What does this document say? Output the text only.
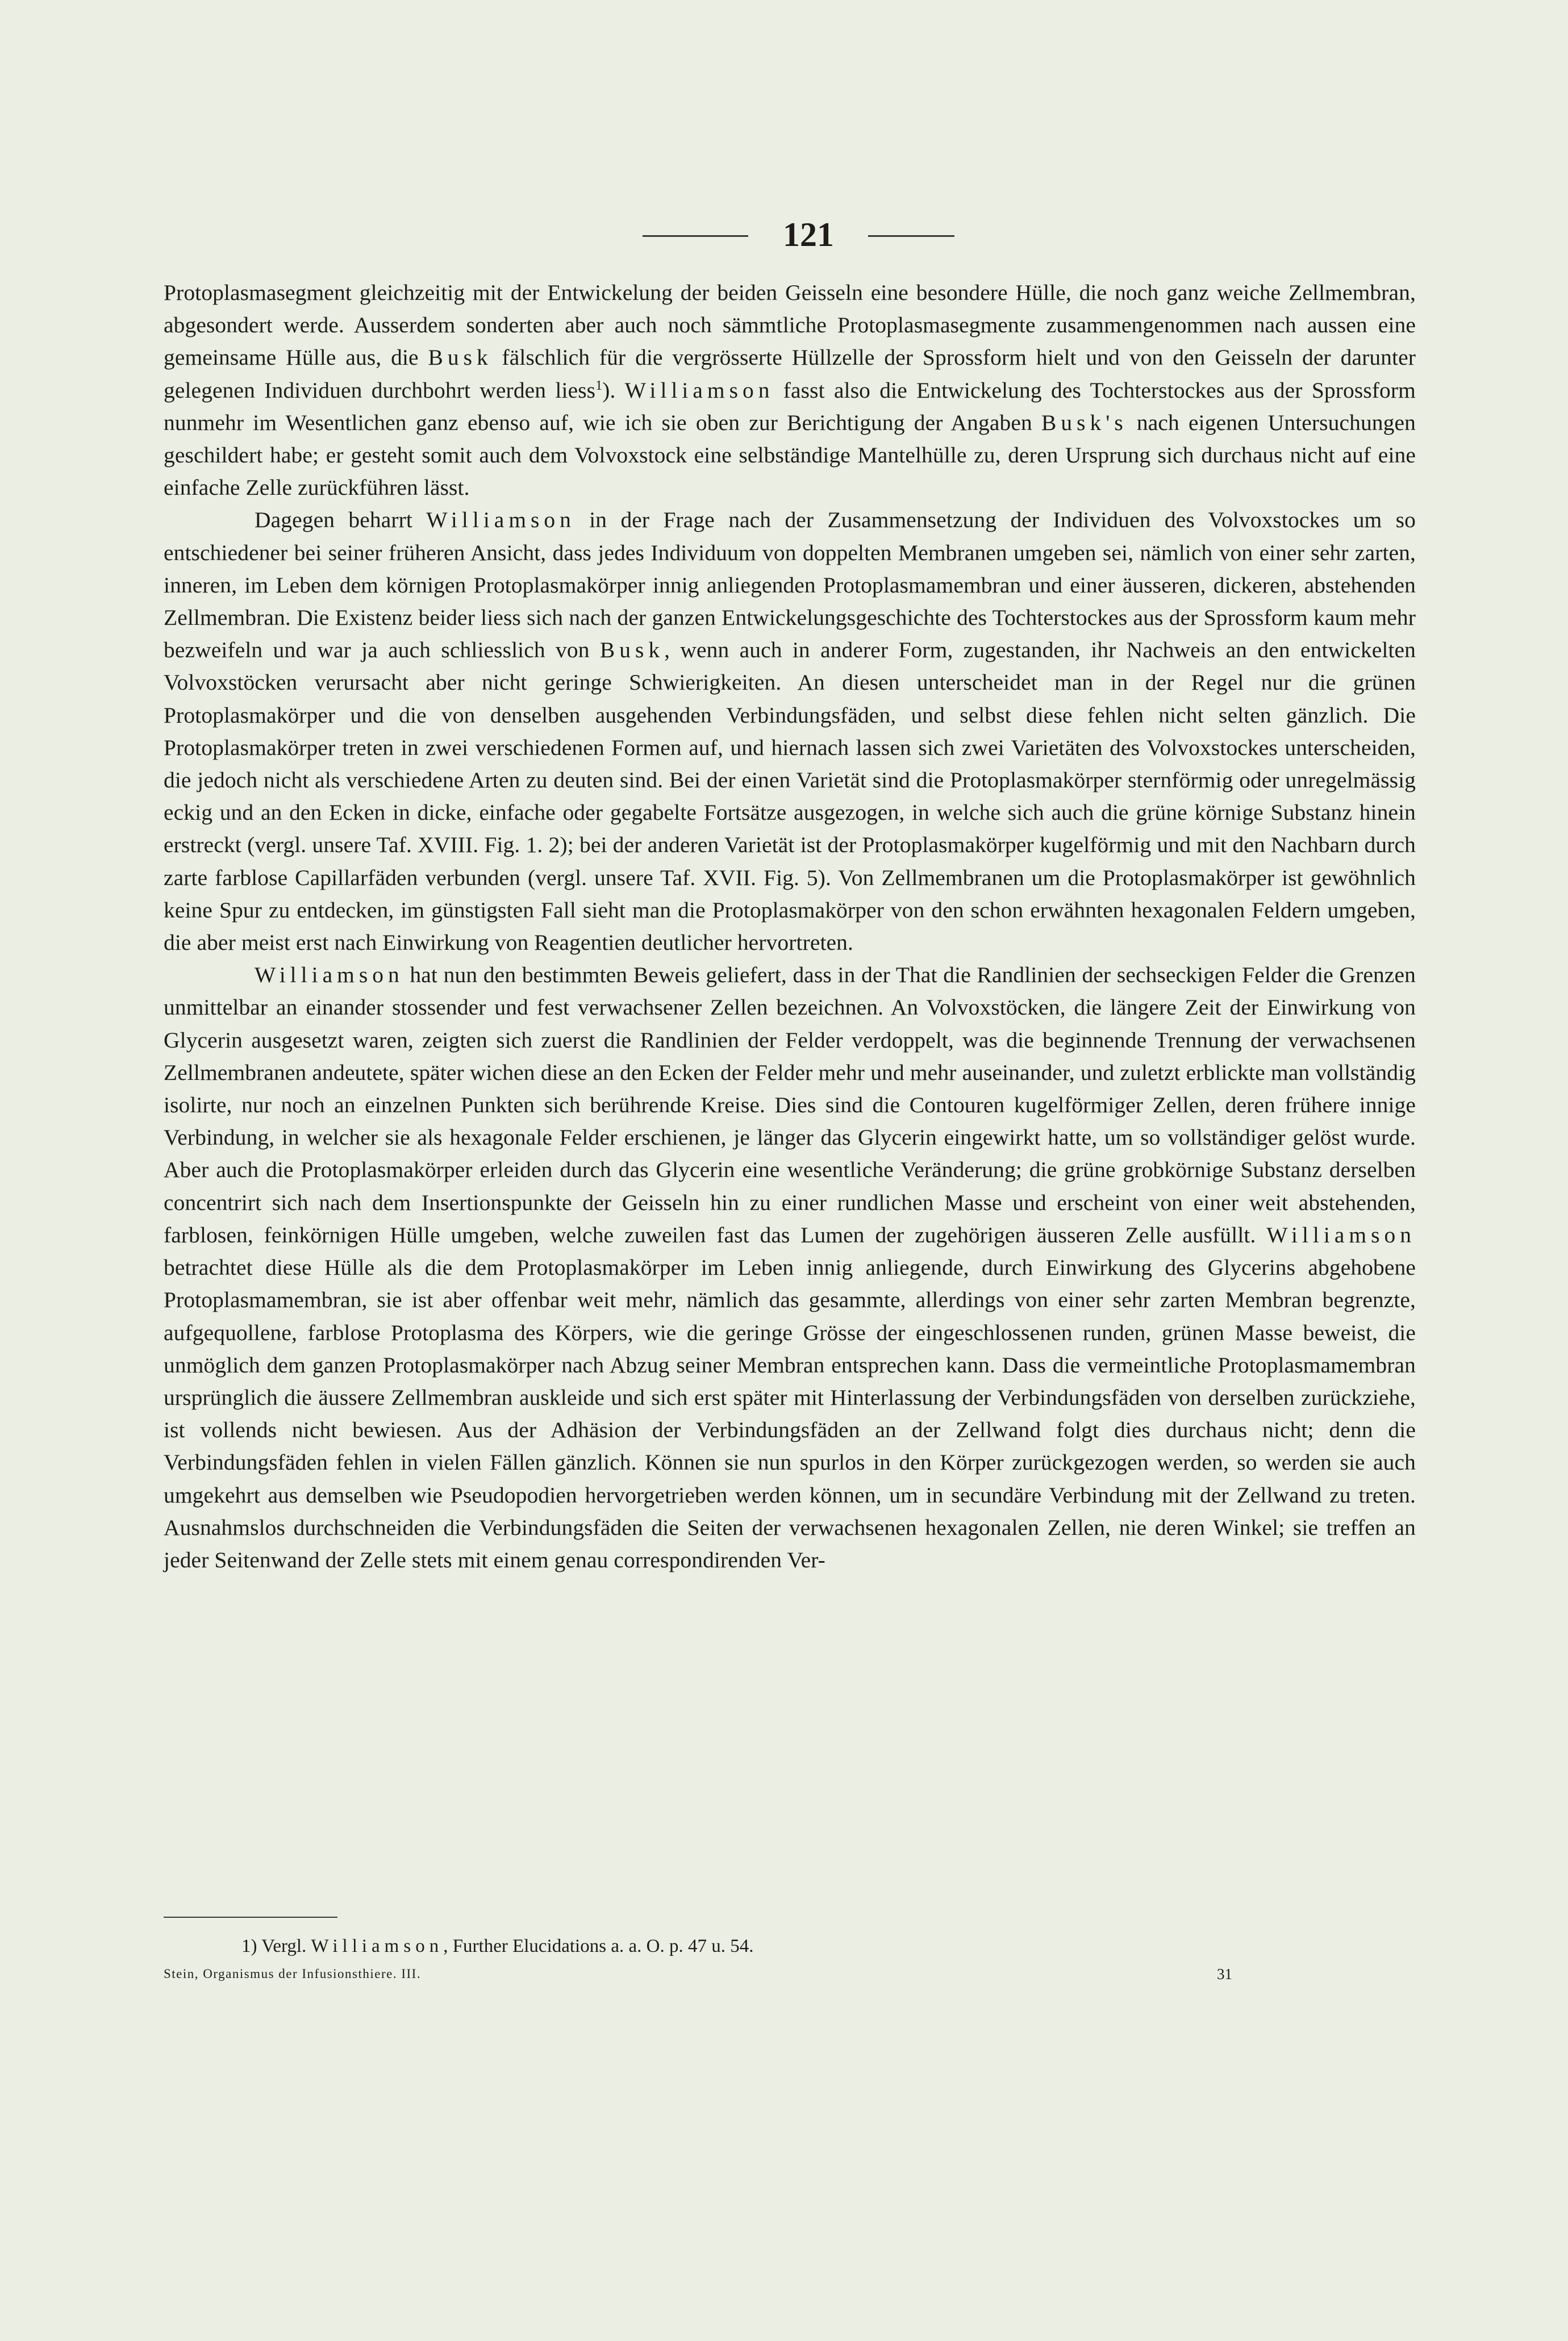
121

Protoplasmasegment gleichzeitig mit der Entwickelung der beiden Geisseln eine besondere Hülle, die noch ganz weiche Zellmembran, abgesondert werde. Ausserdem sonderten aber auch noch sämmtliche Protoplasmasegmente zusammengenommen nach aussen eine gemeinsame Hülle aus, die Busk fälschlich für die vergrösserte Hüllzelle der Sprossform hielt und von den Geisseln der darunter gelegenen Individuen durchbohrt werden liess$^1$). Williamson fasst also die Entwickelung des Tochterstockes aus der Sprossform nunmehr im Wesentlichen ganz ebenso auf, wie ich sie oben zur Berichtigung der Angaben Busk's nach eigenen Untersuchungen geschildert habe; er gesteht somit auch dem Volvoxstock eine selbständige Mantelhülle zu, deren Ursprung sich durchaus nicht auf eine einfache Zelle zurückführen lässt.

Dagegen beharrt Williamson in der Frage nach der Zusammensetzung der Individuen des Volvoxstockes um so entschiedener bei seiner früheren Ansicht, dass jedes Individuum von doppelten Membranen umgeben sei, nämlich von einer sehr zarten, inneren, im Leben dem körnigen Protoplasmakörper innig anliegenden Protoplasmamembran und einer äusseren, dickeren, abstehenden Zellmembran. Die Existenz beider liess sich nach der ganzen Entwickelungsgeschichte des Tochterstockes aus der Sprossform kaum mehr bezweifeln und war ja auch schliesslich von Busk, wenn auch in anderer Form, zugestanden, ihr Nachweis an den entwickelten Volvoxstöcken verursacht aber nicht geringe Schwierigkeiten. An diesen unterscheidet man in der Regel nur die grünen Protoplasmakörper und die von denselben ausgehenden Verbindungsfäden, und selbst diese fehlen nicht selten gänzlich. Die Protoplasmakörper treten in zwei verschiedenen Formen auf, und hiernach lassen sich zwei Varietäten des Volvoxstockes unterscheiden, die jedoch nicht als verschiedene Arten zu deuten sind. Bei der einen Varietät sind die Protoplasmakörper sternförmig oder unregelmässig eckig und an den Ecken in dicke, einfache oder gegabelte Fortsätze ausgezogen, in welche sich auch die grüne körnige Substanz hinein erstreckt (vergl. unsere Taf. XVIII. Fig. 1. 2); bei der anderen Varietät ist der Protoplasmakörper kugelförmig und mit den Nachbarn durch zarte farblose Capillarfäden verbunden (vergl. unsere Taf. XVII. Fig. 5). Von Zellmembranen um die Protoplasmakörper ist gewöhnlich keine Spur zu entdecken, im günstigsten Fall sieht man die Protoplasmakörper von den schon erwähnten hexagonalen Feldern umgeben, die aber meist erst nach Einwirkung von Reagentien deutlicher hervortreten.

Williamson hat nun den bestimmten Beweis geliefert, dass in der That die Randlinien der sechseckigen Felder die Grenzen unmittelbar an einander stossender und fest verwachsener Zellen bezeichnen. An Volvoxstöcken, die längere Zeit der Einwirkung von Glycerin ausgesetzt waren, zeigten sich zuerst die Randlinien der Felder verdoppelt, was die beginnende Trennung der verwachsenen Zellmembranen andeutete, später wichen diese an den Ecken der Felder mehr und mehr auseinander, und zuletzt erblickte man vollständig isolirte, nur noch an einzelnen Punkten sich berührende Kreise. Dies sind die Contouren kugelförmiger Zellen, deren frühere innige Verbindung, in welcher sie als hexagonale Felder erschienen, je länger das Glycerin eingewirkt hatte, um so vollständiger gelöst wurde. Aber auch die Protoplasmakörper erleiden durch das Glycerin eine wesentliche Veränderung; die grüne grobkörnige Substanz derselben concentrirt sich nach dem Insertionspunkte der Geisseln hin zu einer rundlichen Masse und erscheint von einer weit abstehenden, farblosen, feinkörnigen Hülle umgeben, welche zuweilen fast das Lumen der zugehörigen äusseren Zelle ausfüllt. Williamson betrachtet diese Hülle als die dem Protoplasmakörper im Leben innig anliegende, durch Einwirkung des Glycerins abgehobene Protoplasmamembran, sie ist aber offenbar weit mehr, nämlich das gesammte, allerdings von einer sehr zarten Membran begrenzte, aufgequollene, farblose Protoplasma des Körpers, wie die geringe Grösse der eingeschlossenen runden, grünen Masse beweist, die unmöglich dem ganzen Protoplasmakörper nach Abzug seiner Membran entsprechen kann. Dass die vermeintliche Protoplasmamembran ursprünglich die äussere Zellmembran auskleide und sich erst später mit Hinterlassung der Verbindungsfäden von derselben zurückziehe, ist vollends nicht bewiesen. Aus der Adhäsion der Verbindungsfäden an der Zellwand folgt dies durchaus nicht; denn die Verbindungsfäden fehlen in vielen Fällen gänzlich. Können sie nun spurlos in den Körper zurückgezogen werden, so werden sie auch umgekehrt aus demselben wie Pseudopodien hervorgetrieben werden können, um in secundäre Verbindung mit der Zellwand zu treten. Ausnahmslos durchschneiden die Verbindungsfäden die Seiten der verwachsenen hexagonalen Zellen, nie deren Winkel; sie treffen an jeder Seitenwand der Zelle stets mit einem genau correspondirenden Ver-

1) Vergl. Williamson, Further Elucidations a. a. O. p. 47 u. 54.
Stein, Organismus der Infusionsthiere. III.	31
